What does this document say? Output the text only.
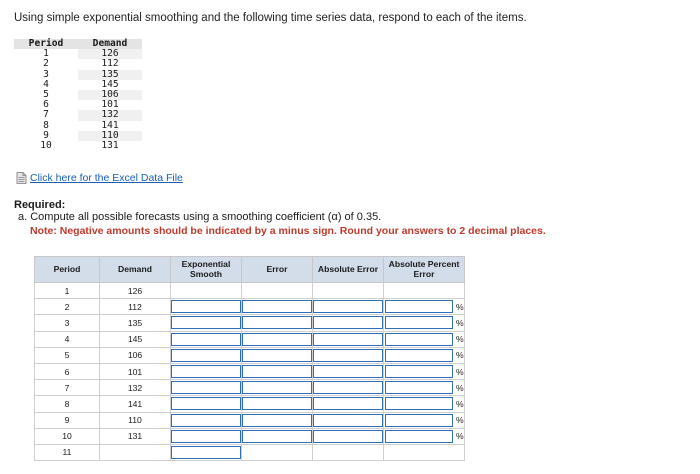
Using simple exponential smoothing and the following time series data, respond to each of the items.
Period	Demand
1	126
2	112
3	135
4	145
5	106
6	101
7	132
8	141
9	110
10	131
Click here for the Excel Data File
Required:
a. Compute all possible forecasts using a smoothing coefficient (α) of 0.35.
Note: Negative amounts should be indicated by a minus sign. Round your answers to 2 decimal places.
Period	Demand	Exponential Smooth	Error	Absolute Error	Absolute Percent Error
1	126				
2	112				%

3	135				%

4	145				%

5	106				%

6	101				%

7	132				%

8	141				%

9	110				%

10	131				%

11		
